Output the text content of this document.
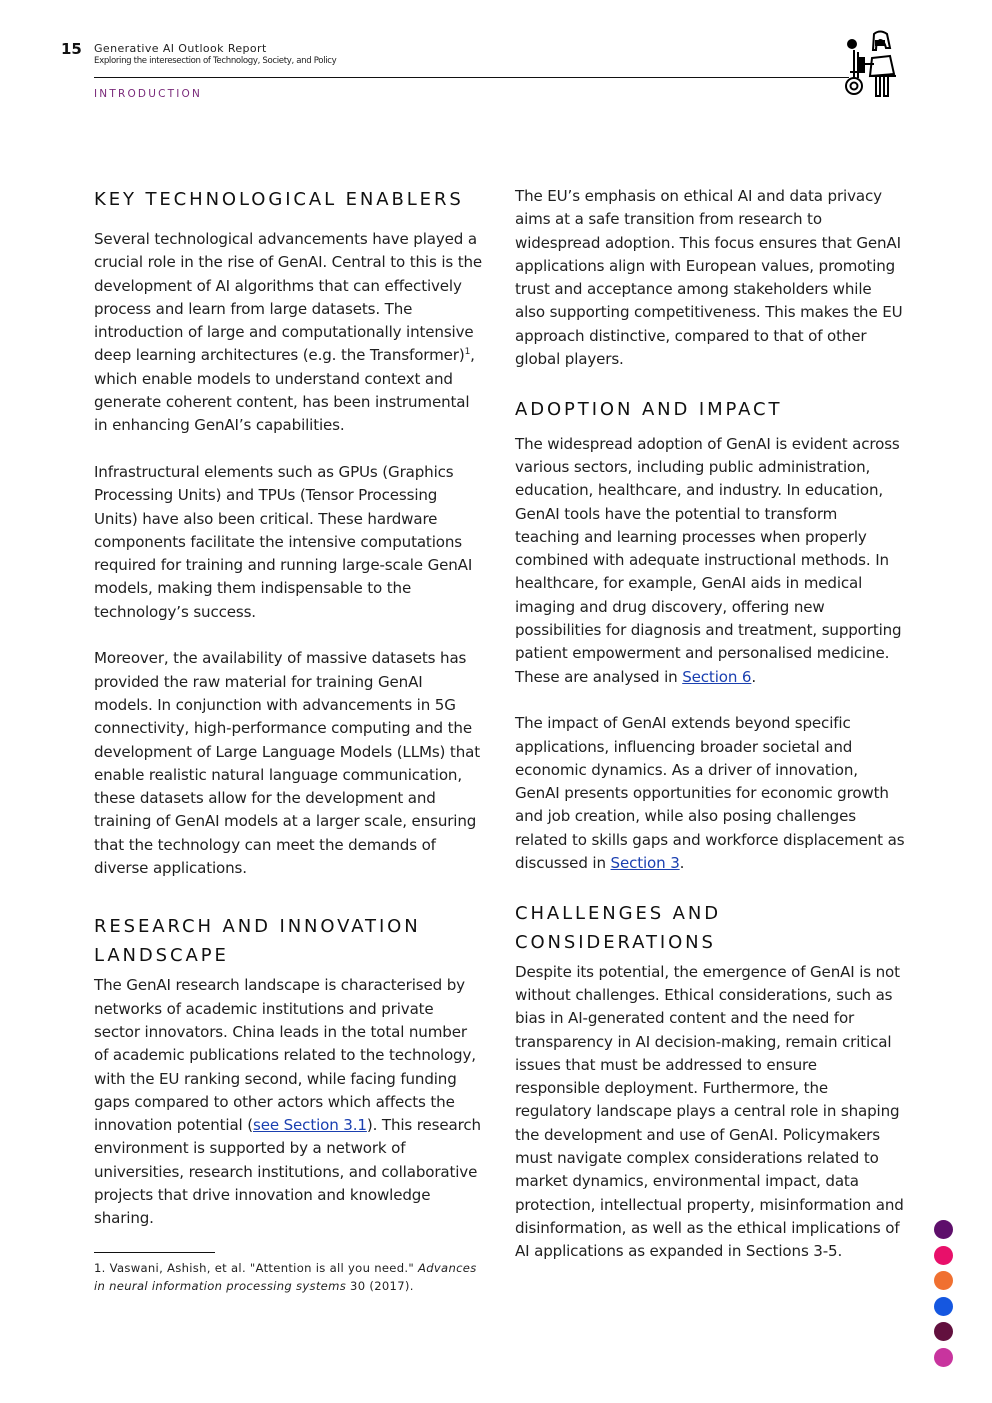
15 Generative AI Outlook Report
Exploring the interesection of Technology, Society, and Policy
INTRODUCTION
KEY TECHNOLOGICAL ENABLERS

Several technological advancements have played a crucial role in the rise of GenAI. Central to this is the development of AI algorithms that can effectively process and learn from large datasets. The introduction of large and computationally intensive deep learning architectures (e.g. the Transformer)$^1$, which enable models to understand context and generate coherent content, has been instrumental in enhancing GenAI’s capabilities.

Infrastructural elements such as GPUs (Graphics Processing Units) and TPUs (Tensor Processing Units) have also been critical. These hardware components facilitate the intensive computations required for training and running large-scale GenAI models, making them indispensable to the technology’s success.

Moreover, the availability of massive datasets has provided the raw material for training GenAI models. In conjunction with advancements in 5G connectivity, high-performance computing and the development of Large Language Models (LLMs) that enable realistic natural language communication, these datasets allow for the development and training of GenAI models at a larger scale, ensuring that the technology can meet the demands of diverse applications.

RESEARCH AND INNOVATION LANDSCAPE

The GenAI research landscape is characterised by networks of academic institutions and private sector innovators. China leads in the total number of academic publications related to the technology, with the EU ranking second, while facing funding gaps compared to other actors which affects the innovation potential (see Section 3.1). This research environment is supported by a network of universities, research institutions, and collaborative projects that drive innovation and knowledge sharing.

1. Vaswani, Ashish, et al. "Attention is all you need." Advances in neural information processing systems 30 (2017).

The EU’s emphasis on ethical AI and data privacy aims at a safe transition from research to widespread adoption. This focus ensures that GenAI applications align with European values, promoting trust and acceptance among stakeholders while also supporting competitiveness. This makes the EU approach distinctive, compared to that of other global players.

ADOPTION AND IMPACT

The widespread adoption of GenAI is evident across various sectors, including public administration, education, healthcare, and industry. In education, GenAI tools have the potential to transform teaching and learning processes when properly combined with adequate instructional methods. In healthcare, for example, GenAI aids in medical imaging and drug discovery, offering new possibilities for diagnosis and treatment, supporting patient empowerment and personalised medicine. These are analysed in Section 6.

The impact of GenAI extends beyond specific applications, influencing broader societal and economic dynamics. As a driver of innovation, GenAI presents opportunities for economic growth and job creation, while also posing challenges related to skills gaps and workforce displacement as discussed in Section 3.

CHALLENGES AND CONSIDERATIONS

Despite its potential, the emergence of GenAI is not without challenges. Ethical considerations, such as bias in AI-generated content and the need for transparency in AI decision-making, remain critical issues that must be addressed to ensure responsible deployment. Furthermore, the regulatory landscape plays a central role in shaping the development and use of GenAI. Policymakers must navigate complex considerations related to market dynamics, environmental impact, data protection, intellectual property, misinformation and disinformation, as well as the ethical implications of AI applications as expanded in Sections 3-5.
